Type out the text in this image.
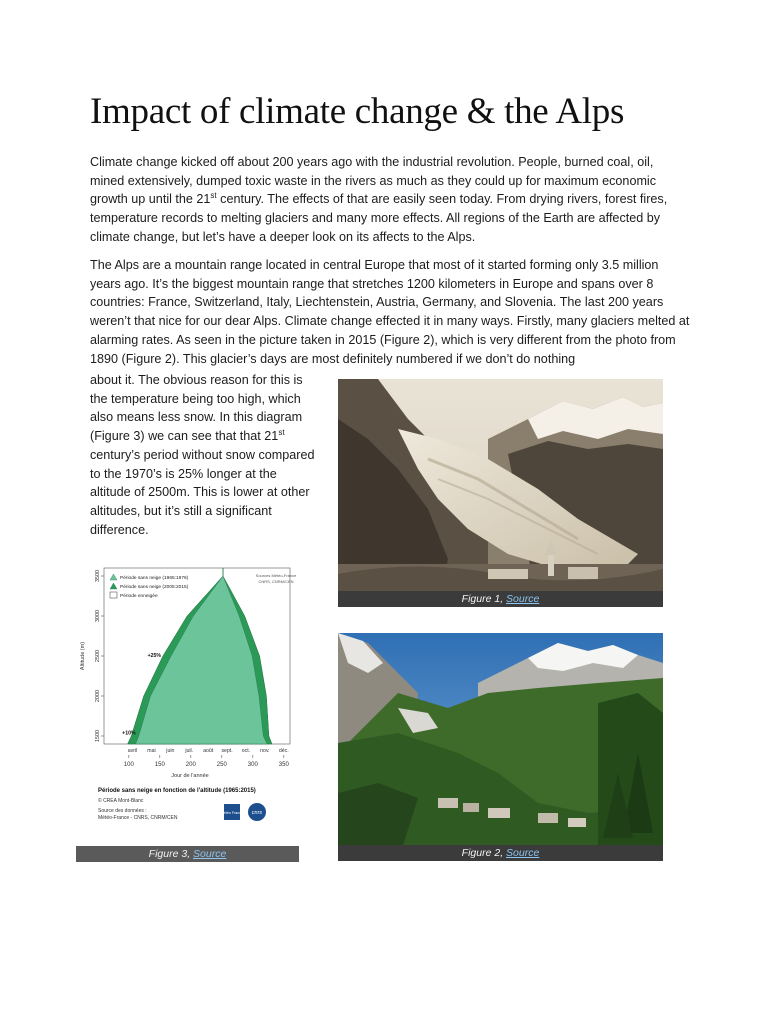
Impact of climate change & the Alps

Climate change kicked off about 200 years ago with the industrial revolution. People, burned coal, oil, mined extensively, dumped toxic waste in the rivers as much as they could up for maximum economic growth up until the 21st century. The effects of that are easily seen today. From drying rivers, forest fires, temperature records to melting glaciers and many more effects. All regions of the Earth are affected by climate change, but let’s have a deeper look on its affects to the Alps.

The Alps are a mountain range located in central Europe that most of it started forming only 3.5 million years ago. It’s the biggest mountain range that stretches 1200 kilometers in Europe and spans over 8 countries: France, Switzerland, Italy, Liechtenstein, Austria, Germany, and Slovenia. The last 200 years weren’t that nice for our dear Alps. Climate change effected it in many ways. Firstly, many glaciers melted at alarming rates. As seen in the picture taken in 2015 (Figure 2), which is very different from the photo from 1890 (Figure 2). This glacier’s days are most definitely numbered if we don’t do nothing

about it. The obvious reason for this is the temperature being too high, which also means less snow. In this diagram (Figure 3) we can see that that 21st century’s period without snow compared to the 1970’s is 25% longer at the altitude of 2500m. This is lower at other altitudes, but it’s still a significant difference.

Figure 1, Source
Figure 2, Source
1500
2000
2500
3000
3500
100	150	200	250	300	350
avril mai juin juil. août sept. oct. nov. déc.
Jour de l'année
Altitude (m)
Période sans neige (1965:1976)
Période sans neige (2005:2015)
Période enneigée
Sources Météo-France
CNRS, CNRM/CEN
+10%
+25%
Période sans neige en fonction de l'altitude (1965:2015)
© CREA Mont-Blanc
Source des données :
Météo-France - CNRS, CNRM/CEN
Météo France cnrs
Figure 3, Source
